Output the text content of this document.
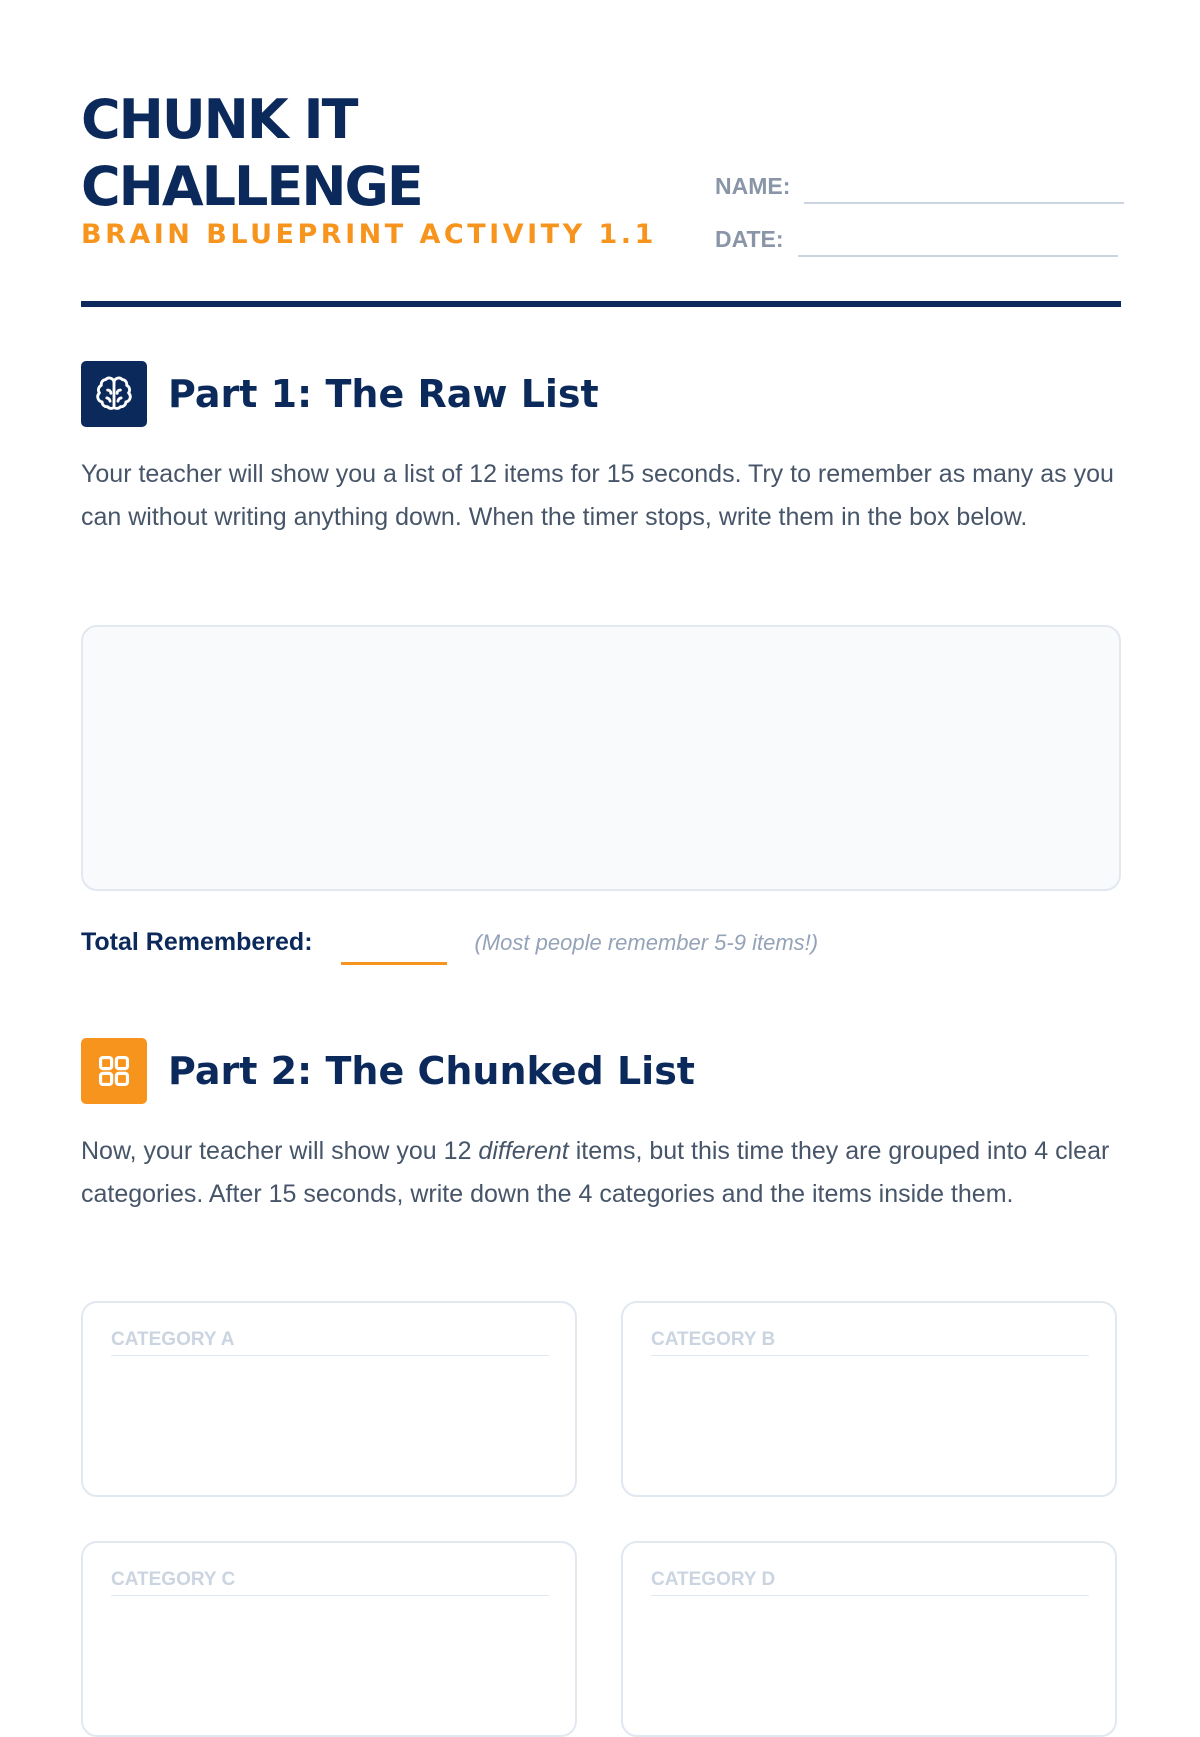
CHUNK IT
CHALLENGE
BRAIN BLUEPRINT ACTIVITY 1.1
NAME:
DATE:
Part 1: The Raw List

Your teacher will show you a list of 12 items for 15 seconds. Try to remember as many as you can without writing anything down. When the timer stops, write them in the box below.

Total Remembered:	(Most people remember 5-9 items!)
Part 2: The Chunked List

Now, your teacher will show you 12 different items, but this time they are grouped into 4 clear categories. After 15 seconds, write down the 4 categories and the items inside them.

CATEGORY A	CATEGORY B
CATEGORY C	CATEGORY D
